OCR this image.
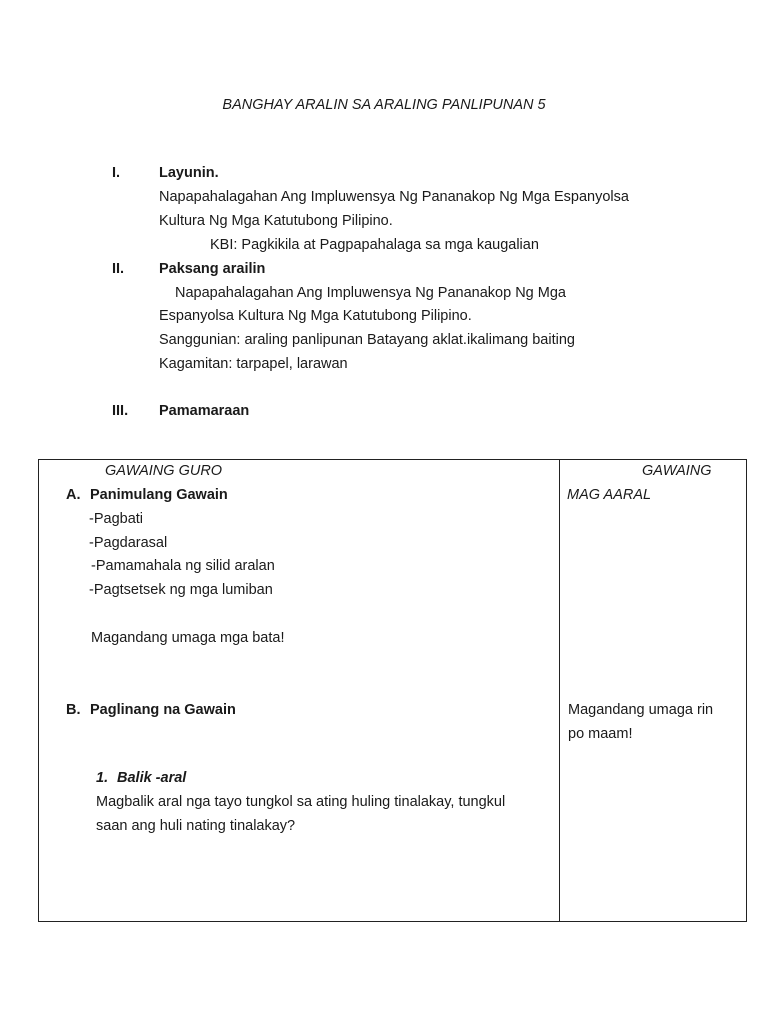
BANGHAY ARALIN SA ARALING PANLIPUNAN 5
I.	Layunin.
Napapahalagahan Ang Impluwensya Ng Pananakop Ng Mga Espanyolsa
Kultura Ng Mga Katutubong Pilipino.
KBI: Pagkikila at Pagpapahalaga sa mga kaugalian
II. Paksang arailin
Napapahalagahan Ang Impluwensya Ng Pananakop Ng Mga
Espanyolsa Kultura Ng Mga Katutubong Pilipino.
Sanggunian: araling panlipunan Batayang aklat.ikalimang baiting
Kagamitan: tarpapel, larawan
III. Pamamaraan
GAWAING GURO	GAWAING
MAG AARAL
A. Panimulang Gawain
-Pagbati
-Pagdarasal
-Pamamahala ng silid aralan
-Pagtsetsek ng mga lumiban
Magandang umaga mga bata!
B. Paglinang na Gawain	Magandang umaga rin
po maam!
1. Balik -aral
Magbalik aral nga tayo tungkol sa ating huling tinalakay, tungkul
saan ang huli nating tinalakay?
